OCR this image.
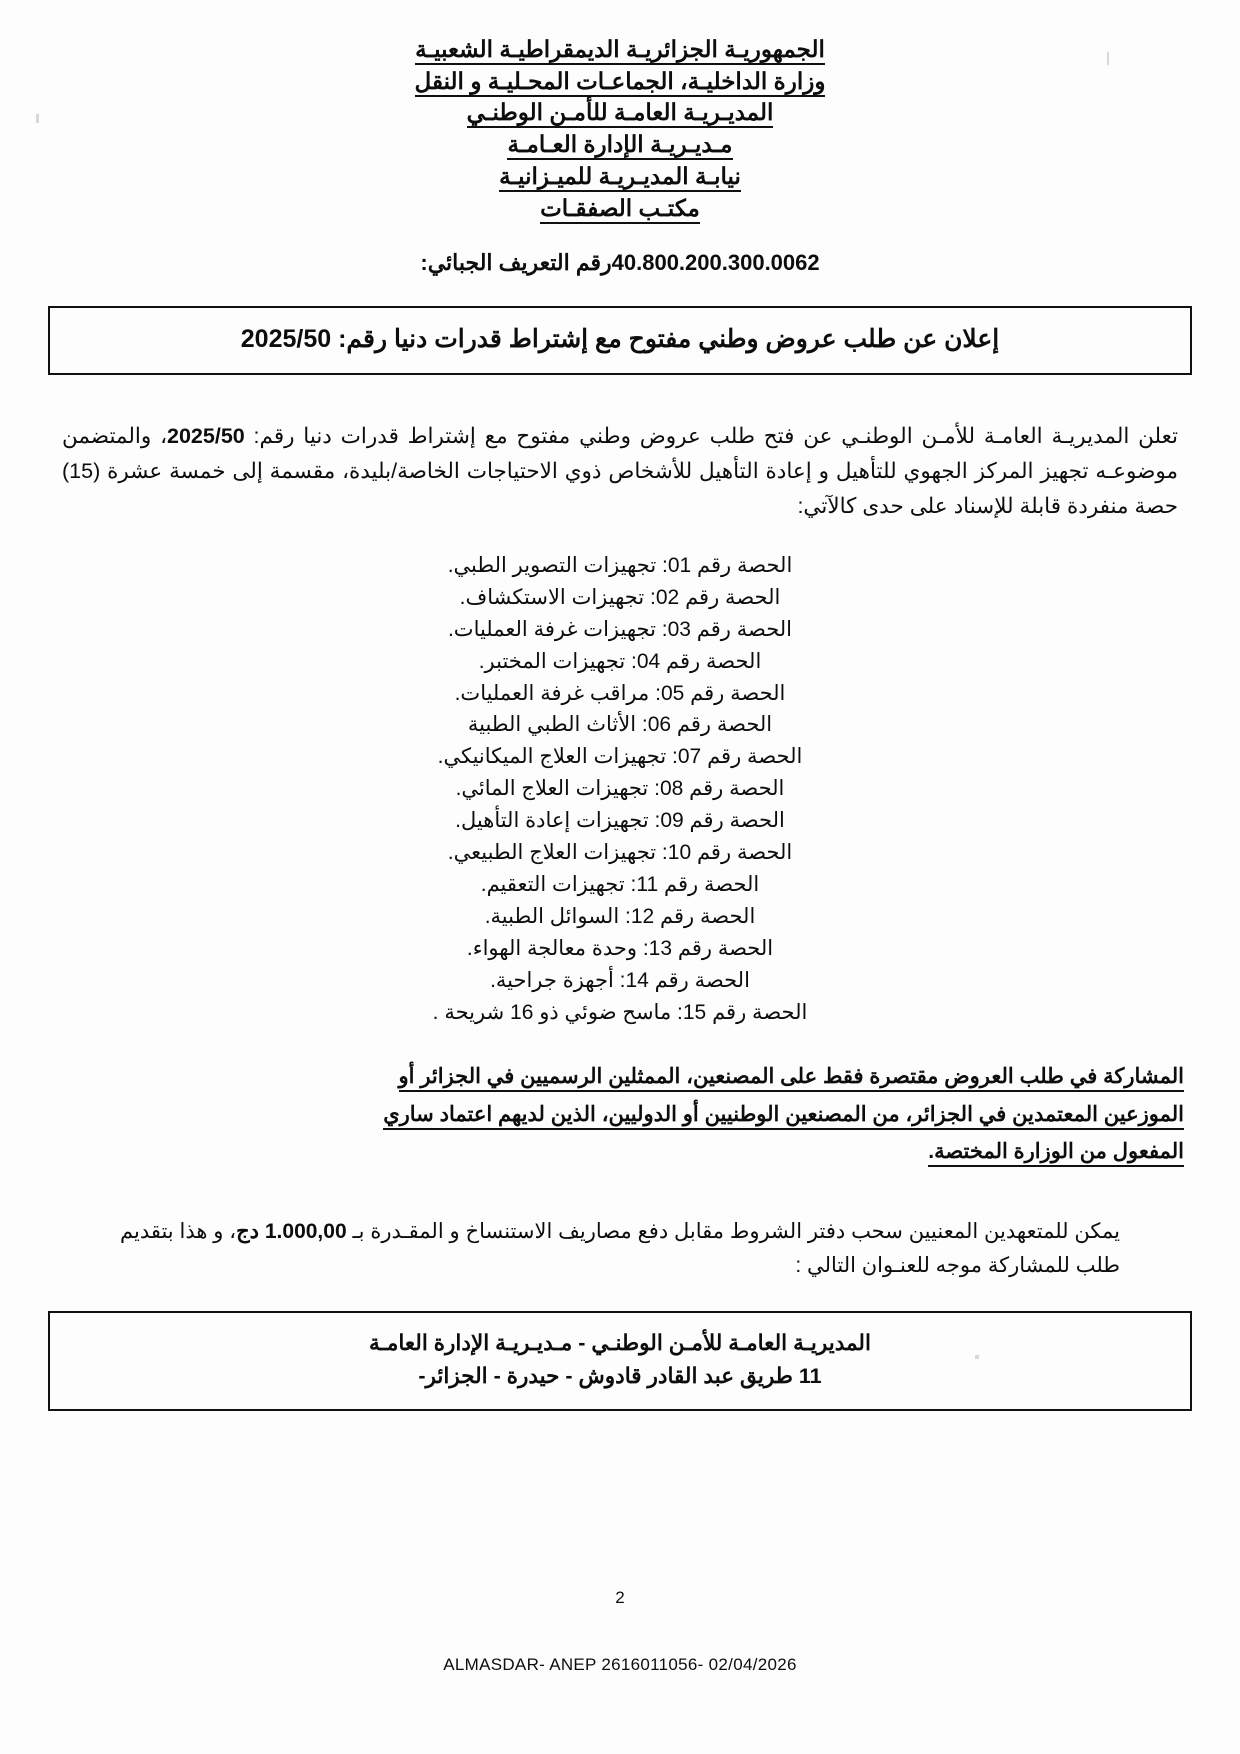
الجمهوريـة الجزائريـة الديمقراطيـة الشعبيـة
وزارة الداخليـة، الجماعـات المحـليـة و النقل
المديـريـة العامـة للأمـن الوطنـي
مـديـريـة الإدارة العـامـة
نيابـة المديـريـة للميـزانيـة
مكتـب الصفقـات
40.800.200.300.0062رقم التعريف الجبائي:
إعلان عن طلب عروض وطني مفتوح مع إشتراط قدرات دنيا رقم: 2025/50
تعلن المديريـة العامـة للأمـن الوطنـي عن فتح طلب عروض وطني مفتوح مع إشتراط قدرات دنيا رقم: 2025/50، والمتضمن موضوعـه تجهيز المركز الجهوي للتأهيل و إعادة التأهيل للأشخاص ذوي الاحتياجات الخاصة/بليدة، مقسمة إلى خمسة عشرة (15) حصة منفردة قابلة للإسناد على حدى كالآتي:
الحصة رقم 01: تجهيزات التصوير الطبي.
الحصة رقم 02: تجهيزات الاستكشاف.
الحصة رقم 03: تجهيزات غرفة العمليات.
الحصة رقم 04: تجهيزات المختبر.
الحصة رقم 05: مراقب غرفة العمليات.
الحصة رقم 06: الأثاث الطبي الطبية
الحصة رقم 07: تجهيزات العلاج الميكانيكي.
الحصة رقم 08: تجهيزات العلاج المائي.
الحصة رقم 09: تجهيزات إعادة التأهيل.
الحصة رقم 10: تجهيزات العلاج الطبيعي.
الحصة رقم 11: تجهيزات التعقيم.
الحصة رقم 12: السوائل الطبية.
الحصة رقم 13: وحدة معالجة الهواء.
الحصة رقم 14: أجهزة جراحية.
الحصة رقم 15: ماسح ضوئي ذو 16 شريحة .
المشاركة في طلب العروض مقتصرة فقط على المصنعين، الممثلين الرسميين في الجزائر أو
الموزعين المعتمدين في الجزائر، من المصنعين الوطنيين أو الدوليين، الذين لديهم اعتماد ساري
المفعول من الوزارة المختصة.
يمكن للمتعهدين المعنيين سحب دفتر الشروط مقابل دفع مصاريف الاستنساخ و المقـدرة بـ 1.000,00 دج، و هذا بتقديم طلب للمشاركة موجه للعنـوان التالي :
المديريـة العامـة للأمـن الوطنـي - مـديـريـة الإدارة العامـة
11 طريق عبد القادر قادوش - حيدرة - الجزائر-
2
ALMASDAR- ANEP 2616011056- 02/04/2026
